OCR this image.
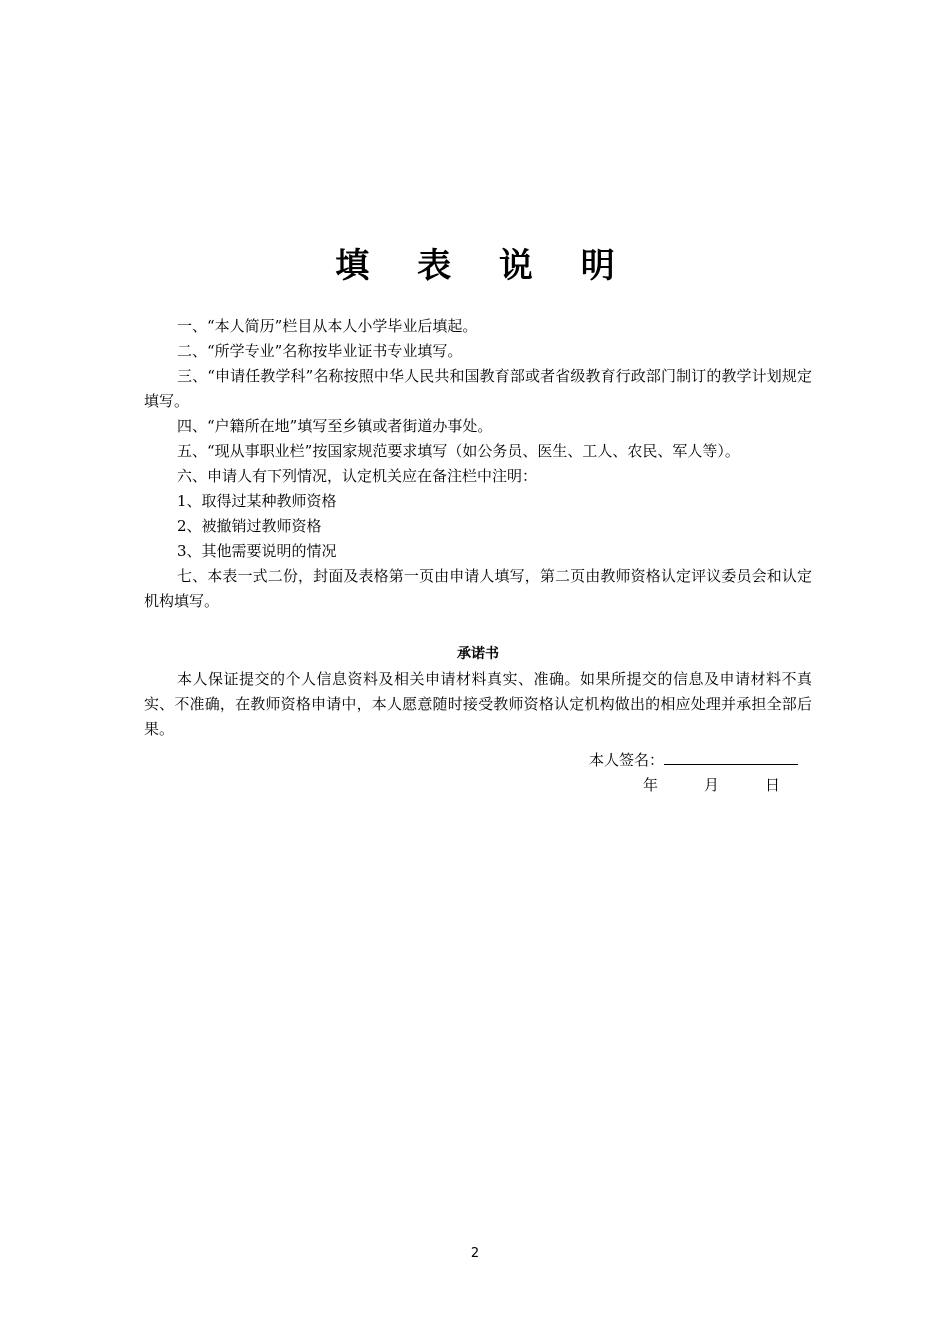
填 表 说 明

一、“本人简历”栏目从本人小学毕业后填起。

二、“所学专业”名称按毕业证书专业填写。

三、“申请任教学科”名称按照中华人民共和国教育部或者省级教育行政部门制订的教学计划规定填写。

四、“户籍所在地”填写至乡镇或者街道办事处。

五、“现从事职业栏”按国家规范要求填写（如公务员、医生、工人、农民、军人等）。

六、申请人有下列情况，认定机关应在备注栏中注明：

1、取得过某种教师资格

2、被撤销过教师资格

3、其他需要说明的情况

七、本表一式二份，封面及表格第一页由申请人填写，第二页由教师资格认定评议委员会和认定机构填写。

承诺书

本人保证提交的个人信息资料及相关申请材料真实、准确。如果所提交的信息及申请材料不真实、不准确，在教师资格申请中，本人愿意随时接受教师资格认定机构做出的相应处理并承担全部后果。

本人签名：
年	月	日
2
